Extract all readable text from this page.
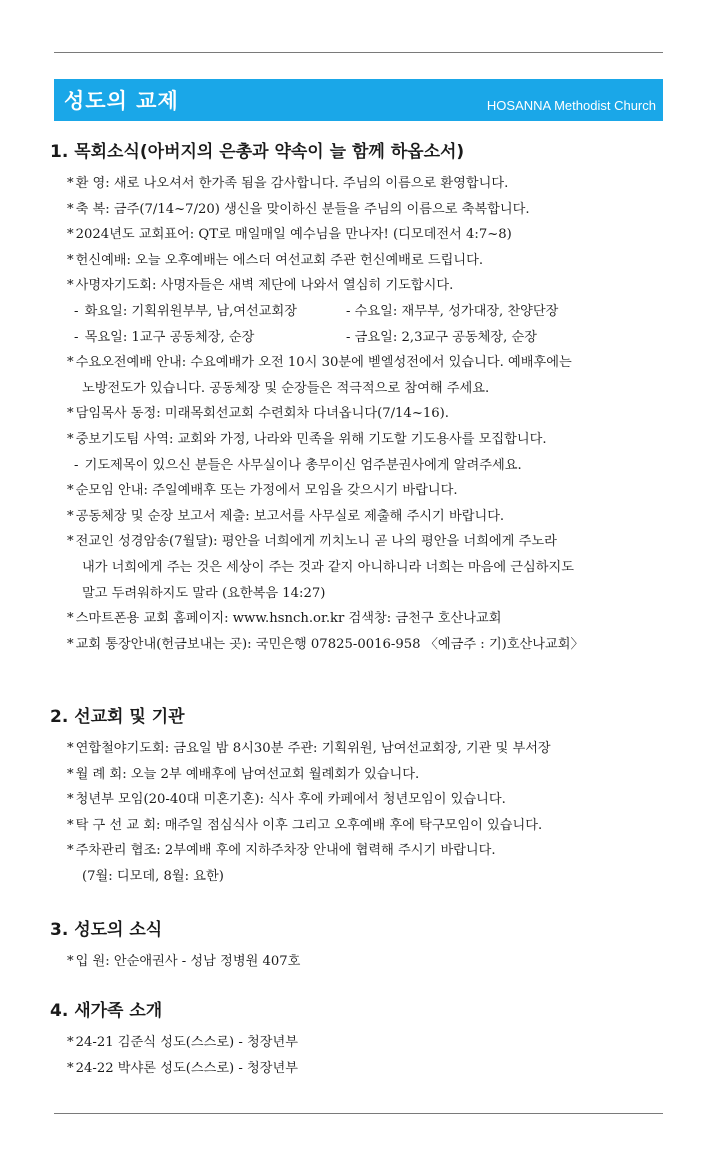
성도의 교제	HOSANNA Methodist Church
1. 목회소식(아버지의 은총과 약속이 늘 함께 하옵소서)
* 환 영: 새로 나오셔서 한가족 됨을 감사합니다. 주님의 이름으로 환영합니다.
* 축 복: 금주(7/14~7/20) 생신을 맞이하신 분들을 주님의 이름으로 축복합니다.
* 2024년도 교회표어: QT로 매일매일 예수님을 만나자! (디모데전서 4:7~8)
* 헌신예배: 오늘 오후예배는 에스더 여선교회 주관 헌신예배로 드립니다.
* 사명자기도회: 사명자들은 새벽 제단에 나와서 열심히 기도합시다.
- 화요일: 기획위원부부, 남,여선교회장	- 수요일: 재무부, 성가대장, 찬양단장
- 목요일: 1교구 공동체장, 순장	- 금요일: 2,3교구 공동체장, 순장
* 수요오전예배 안내: 수요예배가 오전 10시 30분에 벧엘성전에서 있습니다. 예배후에는
노방전도가 있습니다. 공동체장 및 순장들은 적극적으로 참여해 주세요.
* 담임목사 동정: 미래목회선교회 수련회차 다녀옵니다(7/14~16).
* 중보기도팀 사역: 교회와 가정, 나라와 민족을 위해 기도할 기도용사를 모집합니다.
- 기도제목이 있으신 분들은 사무실이나 총무이신 엄주분권사에게 알려주세요.
* 순모임 안내: 주일예배후 또는 가정에서 모임을 갖으시기 바랍니다.
* 공동체장 및 순장 보고서 제출: 보고서를 사무실로 제출해 주시기 바랍니다.
* 전교인 성경암송(7월달): 평안을 너희에게 끼치노니 곧 나의 평안을 너희에게 주노라
내가 너희에게 주는 것은 세상이 주는 것과 같지 아니하니라 너희는 마음에 근심하지도
말고 두려워하지도 말라 (요한복음 14:27)
* 스마트폰용 교회 홈페이지: www.hsnch.or.kr 검색창: 금천구 호산나교회
* 교회 통장안내(헌금보내는 곳): 국민은행 07825-0016-958 〈예금주 : 기)호산나교회〉
2. 선교회 및 기관
* 연합철야기도회: 금요일 밤 8시30분 주관: 기획위원, 남여선교회장, 기관 및 부서장
* 월 례 회: 오늘 2부 예배후에 남여선교회 월례회가 있습니다.
* 청년부 모임(20-40대 미혼기혼): 식사 후에 카페에서 청년모임이 있습니다.
* 탁 구 선 교 회: 매주일 점심식사 이후 그리고 오후예배 후에 탁구모임이 있습니다.
* 주차관리 협조: 2부예배 후에 지하주차장 안내에 협력해 주시기 바랍니다.
(7월: 디모데, 8월: 요한)
3. 성도의 소식
* 입 원: 안순애권사 - 성남 정병원 407호
4. 새가족 소개
* 24-21 김준식 성도(스스로) - 청장년부
* 24-22 박샤론 성도(스스로) - 청장년부
